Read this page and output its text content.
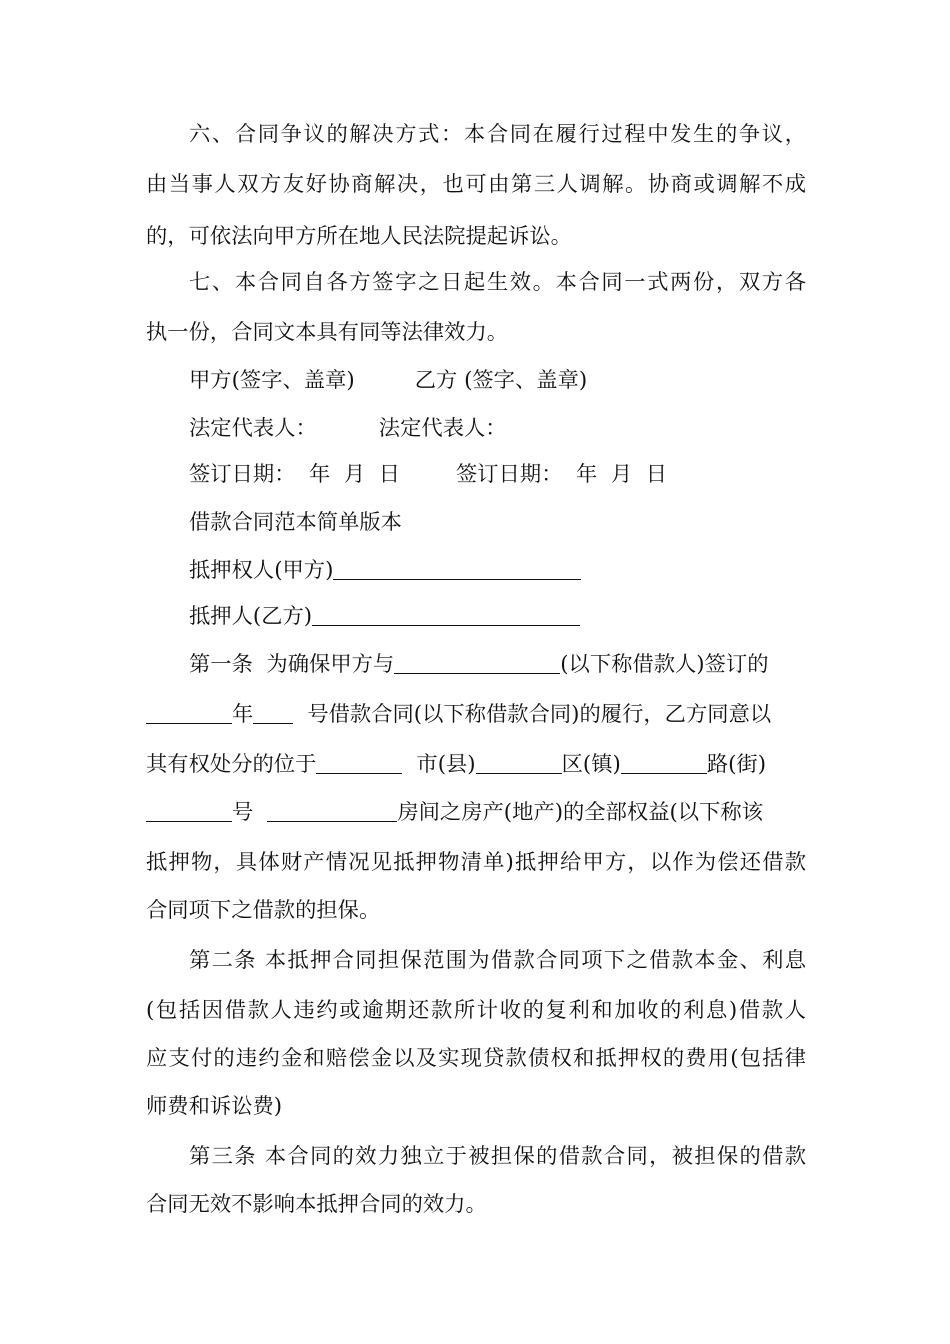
六、合同争议的解决方式：本合同在履行过程中发生的争议，
由当事人双方友好协商解决，也可由第三人调解。协商或调解不成
的，可依法向甲方所在地人民法院提起诉讼。
七、本合同自各方签字之日起生效。本合同一式两份，双方各
执一份，合同文本具有同等法律效力。
甲方(签字、盖章)	乙方 (签字、盖章)
法定代表人：	法定代表人：
签订日期：  年  月  日	签订日期：  年  月  日
借款合同范本简单版本
抵押权人(甲方)
抵押人(乙方)
第一条  为确保甲方与	(以下称借款人)签订的
年	号借款合同(以下称借款合同)的履行，乙方同意以
其有权处分的位于	市(县)	区(镇)	路(街)
号	房间之房产(地产)的全部权益(以下称该
抵押物，具体财产情况见抵押物清单)抵押给甲方，以作为偿还借款
合同项下之借款的担保。
第二条 本抵押合同担保范围为借款合同项下之借款本金、利息
(包括因借款人违约或逾期还款所计收的复利和加收的利息)借款人
应支付的违约金和赔偿金以及实现贷款债权和抵押权的费用(包括律
师费和诉讼费)
第三条 本合同的效力独立于被担保的借款合同，被担保的借款
合同无效不影响本抵押合同的效力。
